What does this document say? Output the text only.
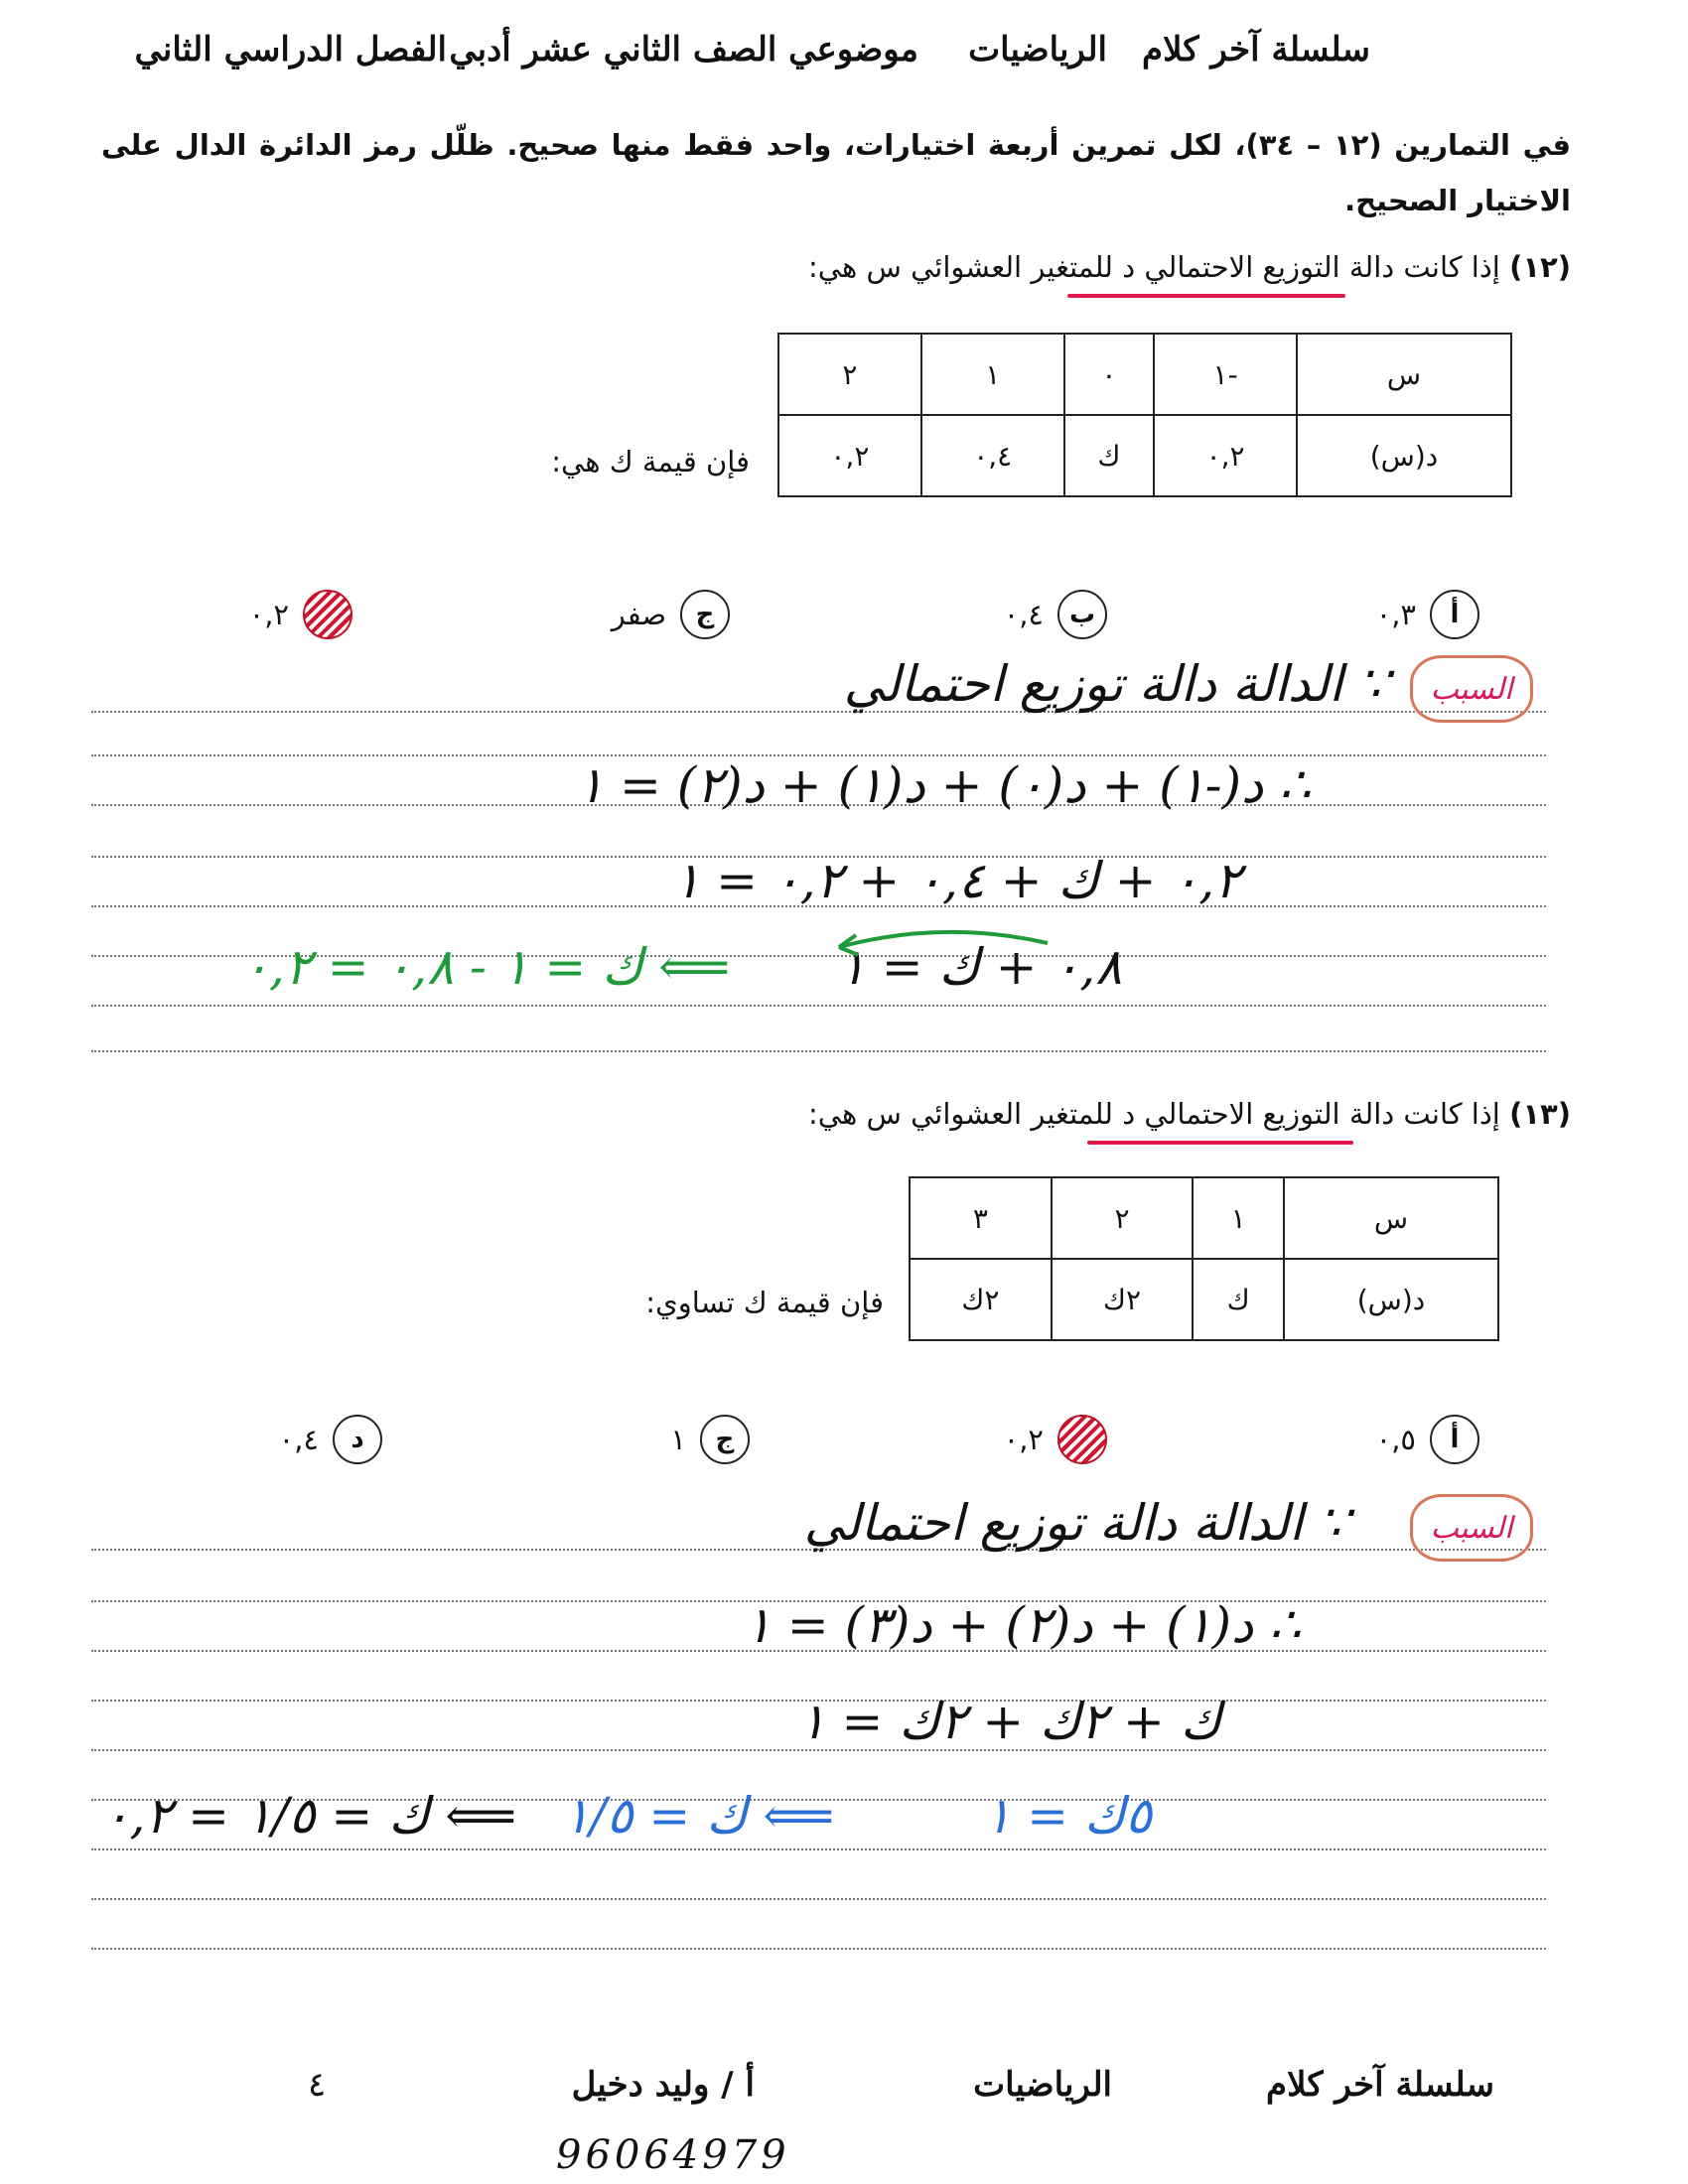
سلسلة آخر كلام
الرياضيات
موضوعي الصف الثاني عشر أدبي
الفصل الدراسي الثاني
في التمارين (١٢ – ٣٤)، لكل تمرين أربعة اختيارات، واحد فقط منها صحيح. ظلّل رمز الدائرة الدال على الاختيار الصحيح.
(١٢) إذا كانت دالة التوزيع الاحتمالي د للمتغير العشوائي س هي:
س	-١	٠	١	٢
د(س)	٠,٢	ك	٠,٤	٠,٢
فإن قيمة ك هي:
أ
٠,٣
ب
٠,٤
ج
صفر
٠,٢
السبب
∵ الدالة دالة توزيع احتمالي
∴ د(-١) + د(٠) + د(١) + د(٢) = ١
٠,٢ + ك + ٠,٤ + ٠,٢ = ١
٠,٨ + ك = ١
⟸ ك = ١ - ٠,٨ = ٠,٢
(١٣) إذا كانت دالة التوزيع الاحتمالي د للمتغير العشوائي س هي:
س	١	٢	٣
د(س)	ك	٢ك	٢ك
فإن قيمة ك تساوي:
أ
٠,٥
٠,٢
ج
١
د
٠,٤
السبب
∵ الدالة دالة توزيع احتمالي
∴ د(١) + د(٢) + د(٣) = ١
ك + ٢ك + ٢ك = ١
٥ك = ١
⟸ ك = ١/٥
⟸ ك = ١/٥ = ٠,٢
سلسلة آخر كلام
الرياضيات
أ / وليد دخيل
٤
96064979
